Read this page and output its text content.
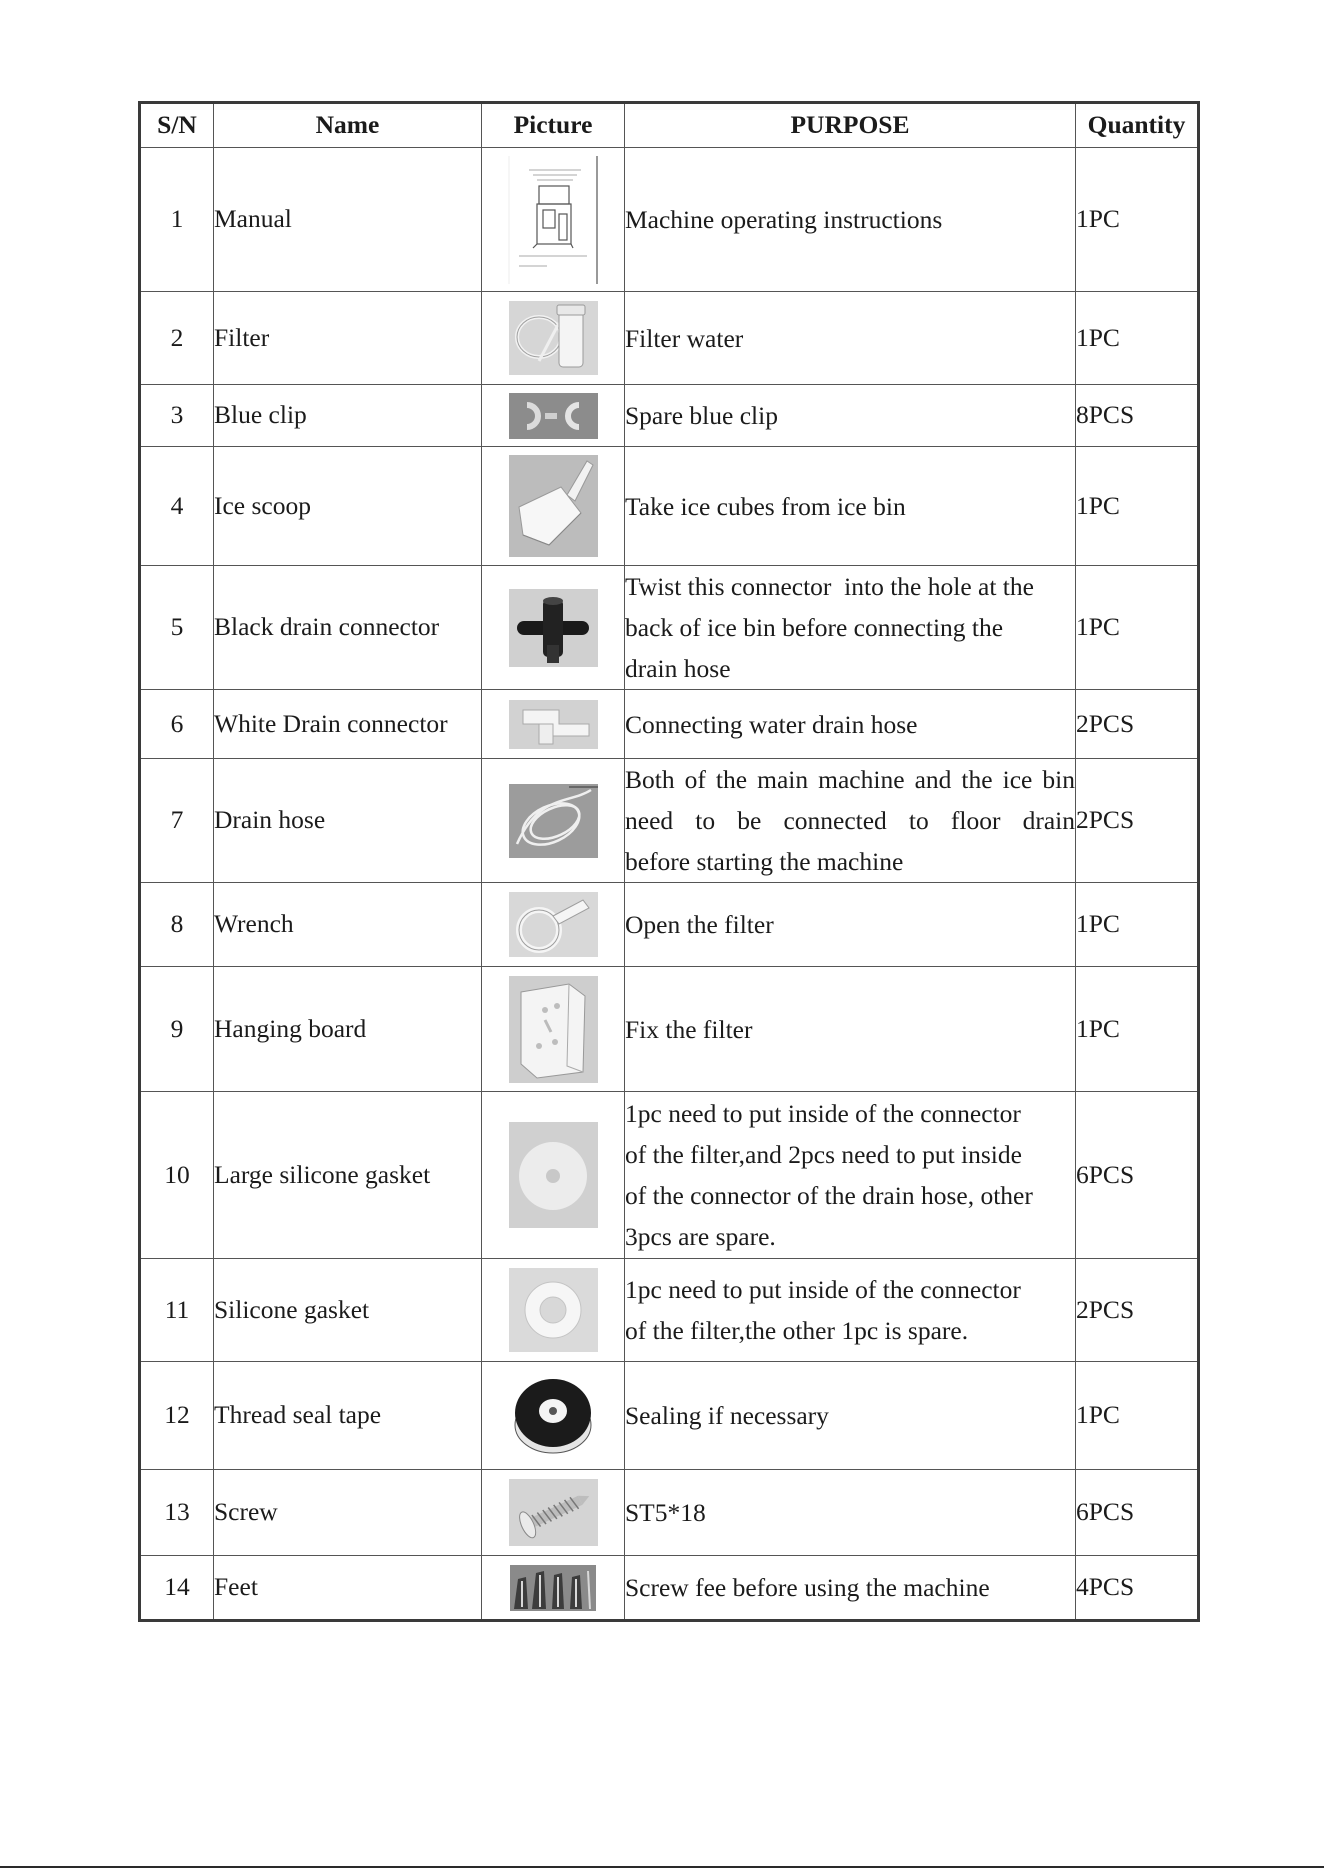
S/N	Name	Picture	PURPOSE	Quantity
1	Manual		Machine operating instructions	1PC
2	Filter		Filter water	1PC
3	Blue clip		Spare blue clip	8PCS
4	Ice scoop		Take ice cubes from ice bin	1PC
5	Black drain connector		Twist this connector  into the hole at the
back of ice bin before connecting the
drain hose	1PC
6	White Drain connector		Connecting water drain hose	2PCS
7	Drain hose		Both of the main machine and the ice bin
need to be connected to floor drain
before starting the machine	2PCS
8	Wrench		Open the filter	1PC
9	Hanging board		Fix the filter	1PC
10	Large silicone gasket		1pc need to put inside of the connector
of the filter,and 2pcs need to put inside
of the connector of the drain hose, other
3pcs are spare.	6PCS
11	Silicone gasket		1pc need to put inside of the connector
of the filter,the other 1pc is spare.	2PCS
12	Thread seal tape		Sealing if necessary	1PC
13	Screw		ST5*18	6PCS
14	Feet		Screw fee before using the machine	4PCS
